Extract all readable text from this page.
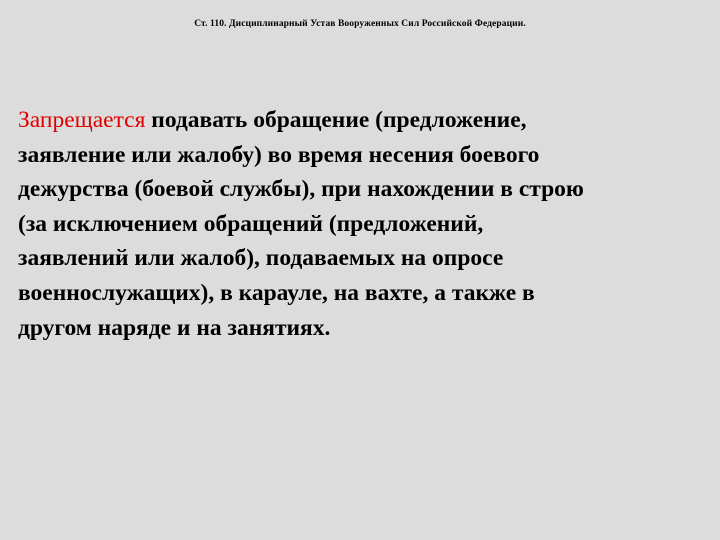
Ст. 110. Дисциплинарный Устав Вооруженных Сил Российской Федерации.

Запрещается подавать обращение (предложение,
заявление или жалобу) во время несения боевого
дежурства (боевой службы), при нахождении в строю
(за исключением обращений (предложений,
заявлений или жалоб), подаваемых на опросе
военнослужащих), в карауле, на вахте, а также в
другом наряде и на занятиях.
